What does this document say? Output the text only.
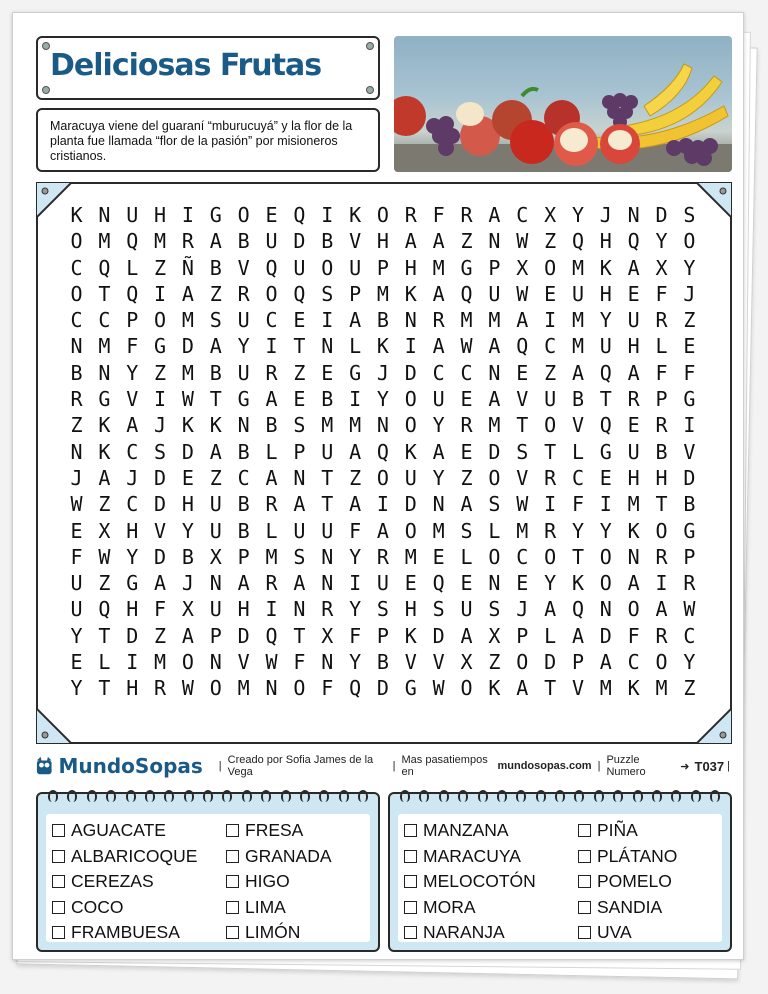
Deliciosas Frutas
Maracuya viene del guaraní “mburucuyá” y la flor de la planta fue llamada “flor de la pasión” por misioneros cristianos.
K N U H I G O E Q I K O R F R A C X Y J N D S
O M Q M R A B U D B V H A A Z N W Z Q H Q Y O
C Q L Z Ñ B V Q U O U P H M G P X O M K A X Y
O T Q I A Z R O Q S P M K A Q U W E U H E F J
C C P O M S U C E I A B N R M M A I M Y U R Z
N M F G D A Y I T N L K I A W A Q C M U H L E
B N Y Z M B U R Z E G J D C C N E Z A Q A F F
R G V I W T G A E B I Y O U E A V U B T R P G
Z K A J K K N B S M M N O Y R M T O V Q E R I
N K C S D A B L P U A Q K A E D S T L G U B V
J A J D E Z C A N T Z O U Y Z O V R C E H H D
W Z C D H U B R A T A I D N A S W I F I M T B
E X H V Y U B L U U F A O M S L M R Y Y K O G
F W Y D B X P M S N Y R M E L O C O T O N R P
U Z G A J N A R A N I U E Q E N E Y K O A I R
U Q H F X U H I N R Y S H S U S J A Q N O A W
Y T D Z A P D Q T X F P K D A X P L A D F R C
E L I M O N V W F N Y B V V X Z O D P A C O Y
Y T H R W O M N O F Q D G W O K A T V M K M Z
MundoSopas | Creado por Sofia James de la Vega	| Mas pasatiempos en
	mundosopas.com | Puzzle Numero	➜ T037 |
AGUACATE
ALBARICOQUE
CEREZAS
COCO
FRAMBUESA
FRESA
GRANADA
HIGO
LIMA
LIMÓN
MANZANA
MARACUYA
MELOCOTÓN
MORA
NARANJA
PIÑA
PLÁTANO
POMELO
SANDIA
UVA
